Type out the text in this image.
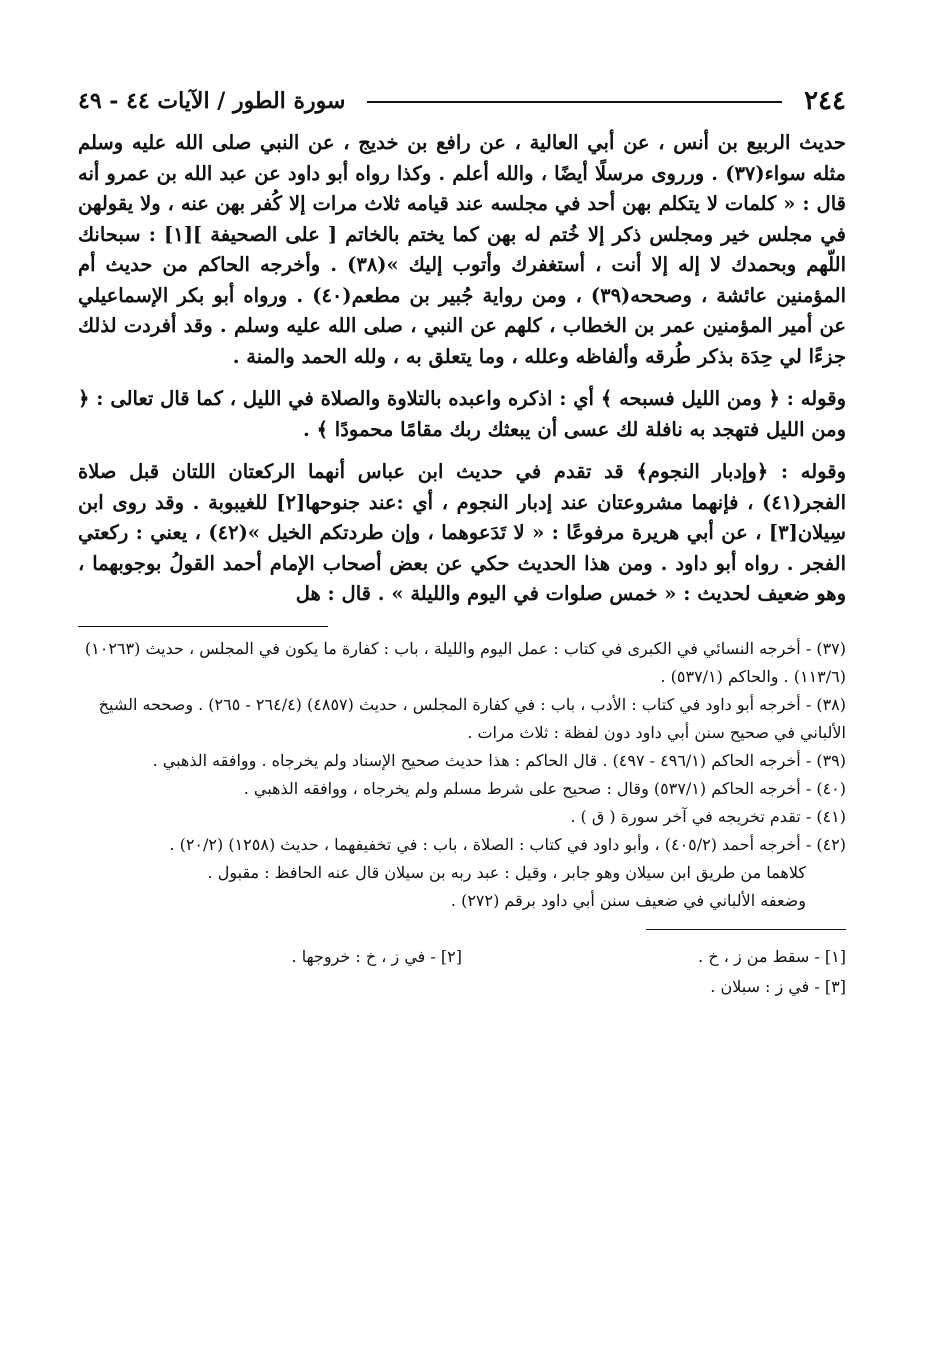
٢٤٤
سورة الطور / الآيات ٤٤ - ٤٩

حديث الربيع بن أنس ، عن أبي العالية ، عن رافع بن خديج ، عن النبي صلى الله عليه وسلم مثله سواء(٣٧) . ورروى مرسلًا أيضًا ، والله أعلم . وكذا رواه أبو داود عن عبد الله بن عمرو أنه قال : « كلمات لا يتكلم بهن أحد في مجلسه عند قيامه ثلاث مرات إلا كُفر بهن عنه ، ولا يقولهن في مجلس خير ومجلس ذكر إلا خُتم له بهن كما يختم بالخاتم [ على الصحيفة ][١] : سبحانك اللّهم وبحمدك لا إله إلا أنت ، أستغفرك وأتوب إليك »(٣٨) . وأخرجه الحاكم من حديث أم المؤمنين عائشة ، وصححه(٣٩) ، ومن رواية جُبير بن مطعم(٤٠) . ورواه أبو بكر الإسماعيلي عن أمير المؤمنين عمر بن الخطاب ، كلهم عن النبي ، صلى الله عليه وسلم . وقد أفردت لذلك جزءًا لي حِدَة بذكر طُرقه وألفاظه وعلله ، وما يتعلق به ، ولله الحمد والمنة .

وقوله : ﴿ ومن الليل فسبحه ﴾ أي : اذكره واعبده بالتلاوة والصلاة في الليل ، كما قال تعالى : ﴿ ومن الليل فتهجد به نافلة لك عسى أن يبعثك ربك مقامًا محمودًا ﴾ .

وقوله : ﴿وإدبار النجوم﴾ قد تقدم في حديث ابن عباس أنهما الركعتان اللتان قبل صلاة الفجر(٤١) ، فإنهما مشروعتان عند إدبار النجوم ، أي :عند جنوحها[٢] للغيبوبة . وقد روى ابن سِيلان[٣] ، عن أبي هريرة مرفوعًا : « لا تَدَعوهما ، وإن طردتكم الخيل »(٤٢) ، يعني : ركعتي الفجر . رواه أبو داود . ومن هذا الحديث حكي عن بعض أصحاب الإمام أحمد القولُ بوجوبهما ، وهو ضعيف لحديث : « خمس صلوات في اليوم والليلة » . قال : هل

(٣٧) - أخرجه النسائي في الكبرى في كتاب : عمل اليوم والليلة ، باب : كفارة ما يكون في المجلس ، حديث (١٠٢٦٣) (١١٣/٦) . والحاكم (٥٣٧/١) .

(٣٨) - أخرجه أبو داود في كتاب : الأدب ، باب : في كفارة المجلس ، حديث (٤٨٥٧) (٢٦٤/٤ - ٢٦٥) . وصححه الشيخ الألباني في صحيح سنن أبي داود دون لفظة : ثلاث مرات .

(٣٩) - أخرجه الحاكم (٤٩٦/١ - ٤٩٧) . قال الحاكم : هذا حديث صحيح الإسناد ولم يخرجاه . ووافقه الذهبي .

(٤٠) - أخرجه الحاكم (٥٣٧/١) وقال : صحيح على شرط مسلم ولم يخرجاه ، ووافقه الذهبي .

(٤١) - تقدم تخريجه في آخر سورة ( ق ) .

(٤٢) - أخرجه أحمد (٤٠٥/٢) ، وأبو داود في كتاب : الصلاة ، باب : في تخفيفهما ، حديث (١٢٥٨) (٢٠/٢) .

كلاهما من طريق ابن سيلان وهو جابر ، وقيل : عبد ربه بن سيلان قال عنه الحافظ : مقبول .

وضعفه الألباني في ضعيف سنن أبي داود برقم (٢٧٢) .

[١] - سقط من ز ، خ .
[٢] - في ز ، خ : خروجها .
[٣] - في ز : سبلان .
